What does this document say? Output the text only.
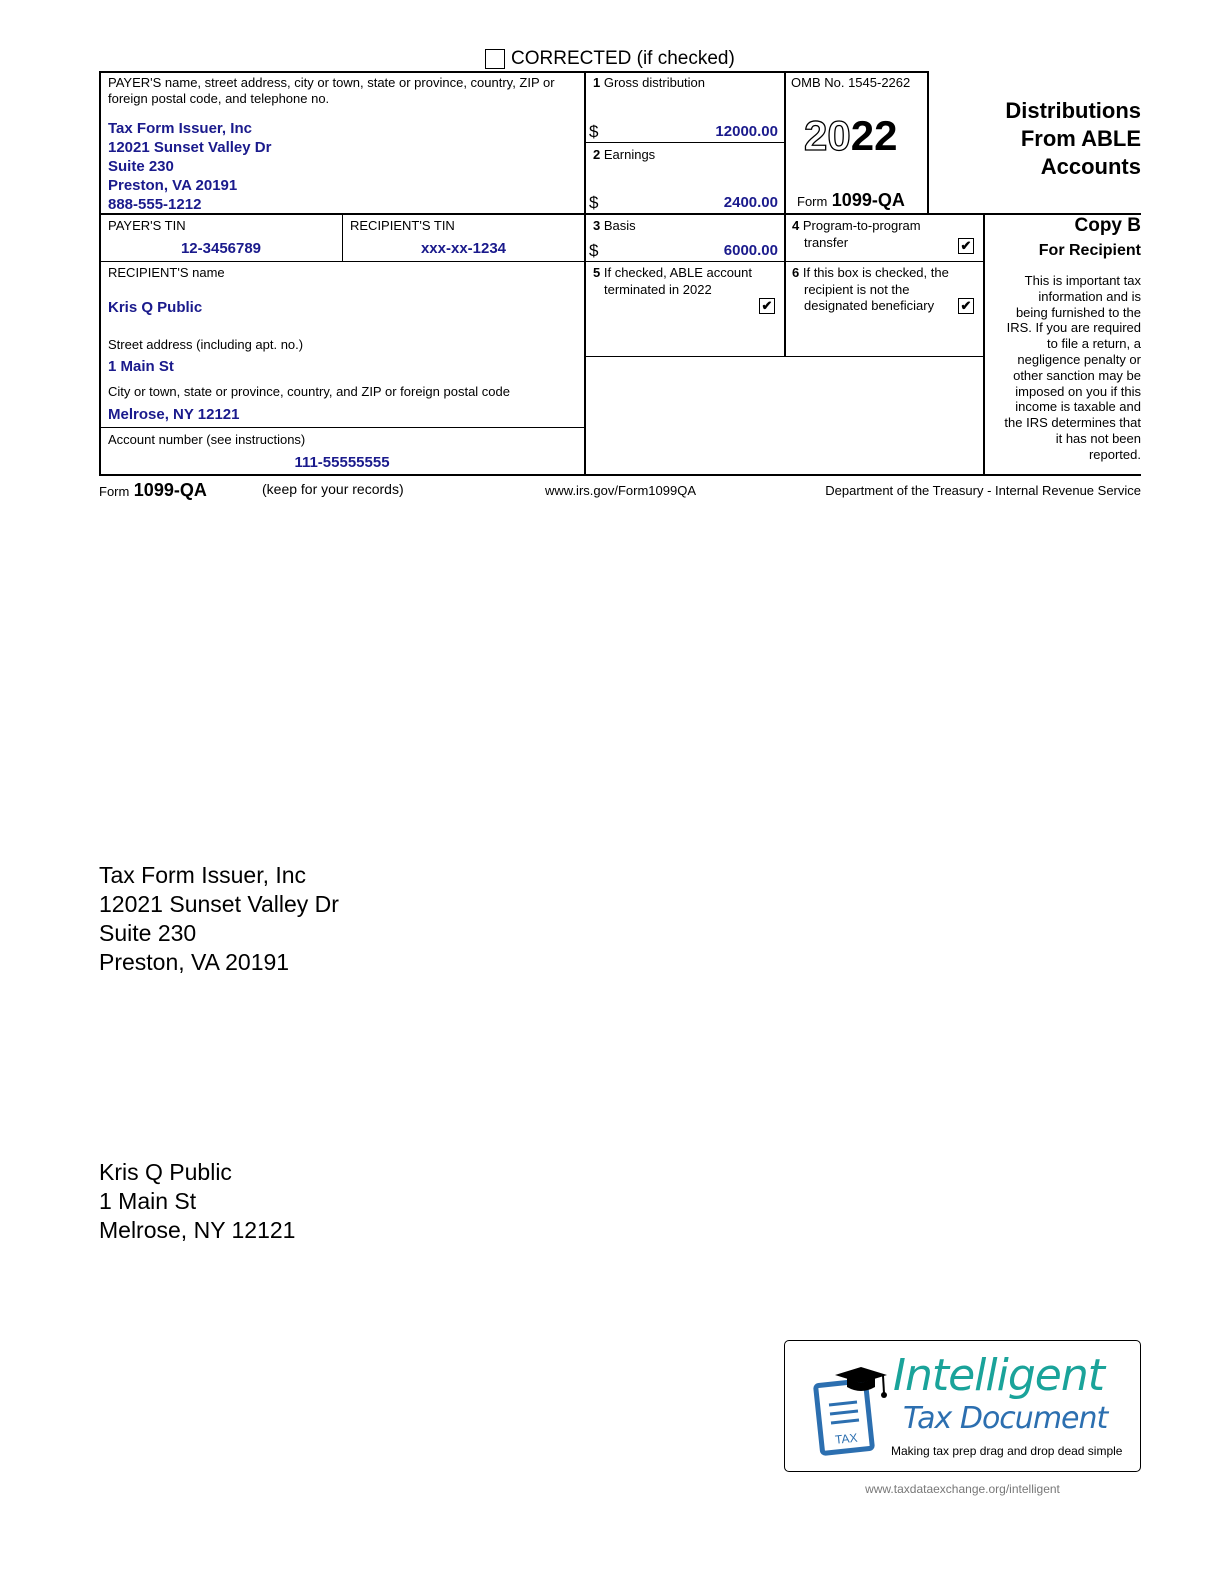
CORRECTED (if checked)
PAYER'S name, street address, city or town, state or province, country, ZIP or foreign postal code, and telephone no.
Tax Form Issuer, Inc
12021 Sunset Valley Dr
Suite 230
Preston, VA 20191
888-555-1212
1 Gross distribution
$	12000.00
2 Earnings
$	2400.00
OMB No. 1545-2262
2022
Form 1099-QA
Distributions
From ABLE
Accounts
PAYER'S TIN
12-3456789
RECIPIENT'S TIN
xxx-xx-1234
3 Basis
$	6000.00
4 Program-to-program
transfer	✔
Copy B
For Recipient
This is important tax
information and is
being furnished to the
IRS. If you are required
to file a return, a
negligence penalty or
other sanction may be
imposed on you if this
income is taxable and
the IRS determines that
it has not been
reported.
RECIPIENT'S name
Kris Q Public
Street address (including apt. no.)
1 Main St
City or town, state or province, country, and ZIP or foreign postal code
Melrose, NY 12121
Account number (see instructions)
111-55555555
5 If checked, ABLE account
terminated in 2022
✔
6 If this box is checked, the
recipient is not the
designated beneficiary ✔
Form 1099-QA	(keep for your records)	www.irs.gov/Form1099QA	Department of the Treasury - Internal Revenue Service
Tax Form Issuer, Inc
12021 Sunset Valley Dr
Suite 230
Preston, VA 20191
Kris Q Public
1 Main St
Melrose, NY 12121
TAX
Intelligent
Tax Document
Making tax prep drag and drop dead simple
www.taxdataexchange.org/intelligent
